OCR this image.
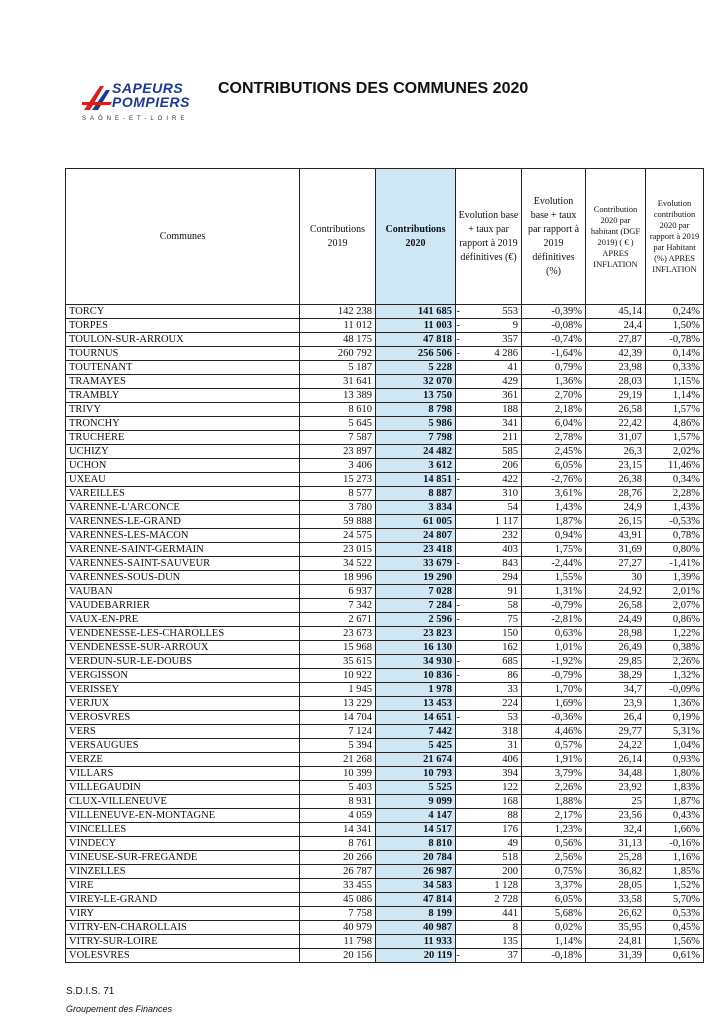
SAPEURS
POMPIERS
SAÔNE-ET-LOIRE
CONTRIBUTIONS DES COMMUNES 2020
Communes	Contributions 2019	Contributions 2020	Evolution base + taux par rapport à 2019 définitives (€)	Evolution base + taux par rapport à 2019 définitives (%)	Contribution 2020 par habitant (DGF 2019) ( € ) APRES INFLATION	Evolution contribution 2020 par rapport à 2019 par Habitant (%) APRES INFLATION
TORCY	142 238	141 685 -	553	-0,39%	45,14	0,24%
TORPES	11 012	11 003 -	9	-0,08%	24,4	1,50%
TOULON-SUR-ARROUX	48 175	47 818 -	357	-0,74%	27,87	-0,78%
TOURNUS	260 792	256 506 -	4 286	-1,64%	42,39	0,14%
TOUTENANT	5 187	5 228	41	0,79%	23,98	0,33%
TRAMAYES	31 641	32 070	429	1,36%	28,03	1,15%
TRAMBLY	13 389	13 750	361	2,70%	29,19	1,14%
TRIVY	8 610	8 798	188	2,18%	26,58	1,57%
TRONCHY	5 645	5 986	341	6,04%	22,42	4,86%
TRUCHERE	7 587	7 798	211	2,78%	31,07	1,57%
UCHIZY	23 897	24 482	585	2,45%	26,3	2,02%
UCHON	3 406	3 612	206	6,05%	23,15	11,46%
UXEAU	15 273	14 851 -	422	-2,76%	26,38	0,34%
VAREILLES	8 577	8 887	310	3,61%	28,76	2,28%
VARENNE-L'ARCONCE	3 780	3 834	54	1,43%	24,9	1,43%
VARENNES-LE-GRAND	59 888	61 005	1 117	1,87%	26,15	-0,53%
VARENNES-LES-MACON	24 575	24 807	232	0,94%	43,91	0,78%
VARENNE-SAINT-GERMAIN	23 015	23 418	403	1,75%	31,69	0,80%
VARENNES-SAINT-SAUVEUR	34 522	33 679 -	843	-2,44%	27,27	-1,41%
VARENNES-SOUS-DUN	18 996	19 290	294	1,55%	30	1,39%
VAUBAN	6 937	7 028	91	1,31%	24,92	2,01%
VAUDEBARRIER	7 342	7 284 -	58	-0,79%	26,58	2,07%
VAUX-EN-PRE	2 671	2 596 -	75	-2,81%	24,49	0,86%
VENDENESSE-LES-CHAROLLES	23 673	23 823	150	0,63%	28,98	1,22%
VENDENESSE-SUR-ARROUX	15 968	16 130	162	1,01%	26,49	0,38%
VERDUN-SUR-LE-DOUBS	35 615	34 930 -	685	-1,92%	29,85	2,26%
VERGISSON	10 922	10 836 -	86	-0,79%	38,29	1,32%
VERISSEY	1 945	1 978	33	1,70%	34,7	-0,09%
VERJUX	13 229	13 453	224	1,69%	23,9	1,36%
VEROSVRES	14 704	14 651 -	53	-0,36%	26,4	0,19%
VERS	7 124	7 442	318	4,46%	29,77	5,31%
VERSAUGUES	5 394	5 425	31	0,57%	24,22	1,04%
VERZE	21 268	21 674	406	1,91%	26,14	0,93%
VILLARS	10 399	10 793	394	3,79%	34,48	1,80%
VILLEGAUDIN	5 403	5 525	122	2,26%	23,92	1,83%
CLUX-VILLENEUVE	8 931	9 099	168	1,88%	25	1,87%
VILLENEUVE-EN-MONTAGNE	4 059	4 147	88	2,17%	23,56	0,43%
VINCELLES	14 341	14 517	176	1,23%	32,4	1,66%
VINDECY	8 761	8 810	49	0,56%	31,13	-0,16%
VINEUSE-SUR-FREGANDE	20 266	20 784	518	2,56%	25,28	1,16%
VINZELLES	26 787	26 987	200	0,75%	36,82	1,85%
VIRE	33 455	34 583	1 128	3,37%	28,05	1,52%
VIREY-LE-GRAND	45 086	47 814	2 728	6,05%	33,58	5,70%
VIRY	7 758	8 199	441	5,68%	26,62	0,53%
VITRY-EN-CHAROLLAIS	40 979	40 987	8	0,02%	35,95	0,45%
VITRY-SUR-LOIRE	11 798	11 933	135	1,14%	24,81	1,56%
VOLESVRES	20 156	20 119 -	37	-0,18%	31,39	0,61%
S.D.I.S. 71
Groupement des Finances
